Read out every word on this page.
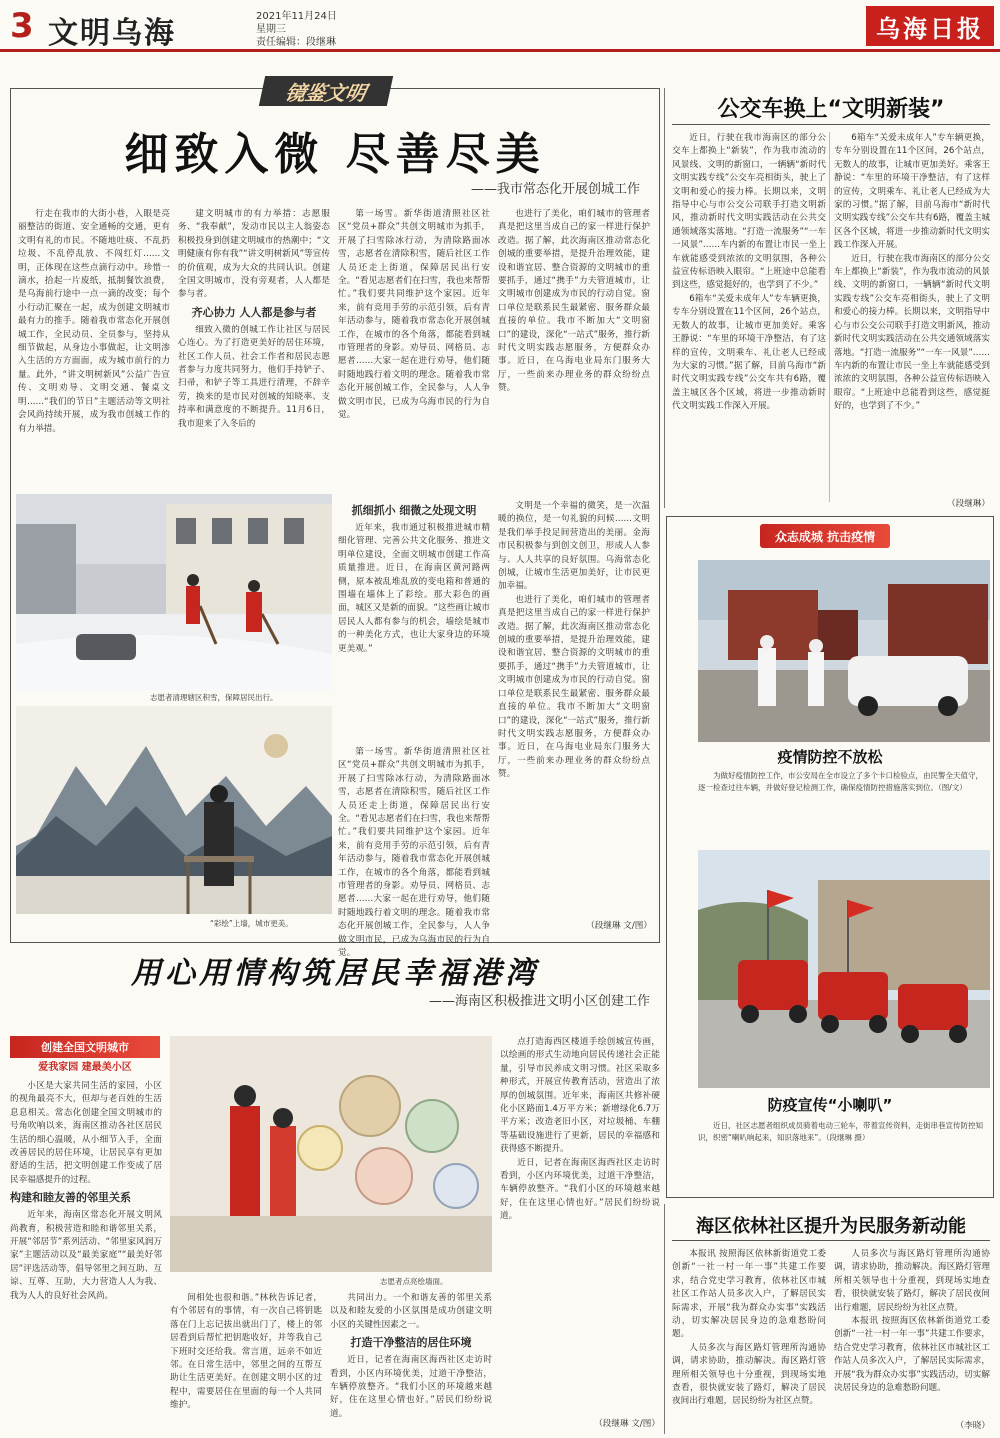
3 文明乌海	2021年11月24日
星期三
责任编辑：段继琳	乌海日报
镜鉴文明
细致入微 尽善尽美
——我市常态化开展创城工作

行走在我市的大街小巷，入眼是亮丽整洁的街道、安全通畅的交通，更有文明有礼的市民。不随地吐痰、不乱扔垃圾、不乱停乱放、不闯红灯……文明，正体现在这些点滴行动中。珍惜一滴水，拾起一片废纸，抵制餐饮浪费，是乌海前行途中一点一滴的改变；每个小行动汇聚在一起，成为创建文明城市最有力的推手。随着我市常态化开展创城工作，全民动员、全员参与，坚持从细节做起，从身边小事做起，让文明渗入生活的方方面面，成为城市前行的力量。此外，“讲文明树新风”公益广告宣传、文明劝导、文明交通、餐桌文明……“我们的节日”主题活动等文明社会风尚持续开展，成为我市创城工作的有力举措。

建文明城市的有力举措：志愿服务、“我奉献”，发动市民以主人翁姿态积极投身到创建文明城市的热潮中；“文明健康有你有我”“讲文明树新风”等宣传的价值观，成为大众的共同认识。创建全国文明城市，没有旁观者，人人都是参与者。

齐心协力 人人都是参与者

细致入微的创城工作让社区与居民心连心。为了打造更美好的居住环境，社区工作人员、社会工作者和居民志愿者参与力度共同努力，他们手持铲子、扫帚，和铲子等工具进行清理，不辞辛劳，换来的是市民对创城的知晓率、支持率和满意度的不断提升。11月6日，我市迎来了入冬后的

第一场雪。新华街道清照社区社区“党员+群众”共创文明城市为抓手，开展了扫雪除冰行动，为清除路面冰雪，志愿者在清除积雪，随后社区工作人员还走上街道，保障居民出行安全。“看见志愿者们在扫雪，我也来帮帮忙。”我们要共同维护这个家园。近年来，前有竞用手劳的示范引领，后有青年活动参与，随着我市常态化开展创城工作，在城市的各个角落，都能看到城市管理者的身影。劝导员、网格员、志愿者……大家一起在进行劝导，他们随时随地践行着文明的理念。随着我市常态化开展创城工作，全民参与，人人争做文明市民，已成为乌海市民的行为自觉。

也进行了美化，咱们城市的管理者真是把这里当成自己的家一样进行保护改造。据了解，此次海南区推动常态化创城的重要举措，是提升治理效能，建设和谐宜居、整合资源的文明城市的重要抓手，通过“携手”力夫管道城市，让文明城市创建成为市民的行动自觉。窗口单位是联系民生最紧密、服务群众最直接的单位。我市不断加大“文明窗口”的建设，深化“一站式”服务，推行新时代文明实践志愿服务，方便群众办事。近日，在乌海电业局东门服务大厅，一些前来办理业务的群众纷纷点赞。

志愿者清理辖区积雪，保障居民出行。
“彩绘”上墙，城市更美。
抓细抓小 细微之处现文明

近年来，我市通过积极推进城市精细化管理、完善公共文化服务、推进文明单位建设，全面文明城市创建工作高质量推进。近日，在海南区黄河路两侧，原本被乱堆乱放的变电箱和普通的围墙在墙体上了彩绘。那大彩色的画面，城区又是新的面貌。“这些画让城市居民人人都有参与的机会，墙绘是城市的一种美化方式，也让大家身边的环境更美观。”

第一场雪。新华街道清照社区社区“党员+群众”共创文明城市为抓手，开展了扫雪除冰行动，为清除路面冰雪，志愿者在清除积雪，随后社区工作人员还走上街道，保障居民出行安全。“看见志愿者们在扫雪，我也来帮帮忙。”我们要共同维护这个家园。近年来，前有竞用手劳的示范引领，后有青年活动参与，随着我市常态化开展创城工作，在城市的各个角落，都能看到城市管理者的身影。劝导员、网格员、志愿者……大家一起在进行劝导，他们随时随地践行着文明的理念。随着我市常态化开展创城工作，全民参与，人人争做文明市民，已成为乌海市民的行为自觉。

文明是一个幸福的微笑，是一次温暖的换位，是一句礼貌的问候……文明是我们举手投足间营造出的美丽。金海市民积极参与到创文创卫，形成人人参与、人人共享的良好氛围。乌海常态化创城，让城市生活更加美好，让市民更加幸福。

也进行了美化，咱们城市的管理者真是把这里当成自己的家一样进行保护改造。据了解，此次海南区推动常态化创城的重要举措，是提升治理效能，建设和谐宜居、整合资源的文明城市的重要抓手，通过“携手”力夫管道城市，让文明城市创建成为市民的行动自觉。窗口单位是联系民生最紧密、服务群众最直接的单位。我市不断加大“文明窗口”的建设，深化“一站式”服务，推行新时代文明实践志愿服务，方便群众办事。近日，在乌海电业局东门服务大厅，一些前来办理业务的群众纷纷点赞。

（段继琳 文/图）
公交车换上“文明新装”

近日，行驶在我市海南区的部分公交车上都换上“新装”，作为我市流动的风景线、文明的新窗口，一辆辆“新时代文明实践专线”公交车亮相街头，驶上了文明和爱心的接力棒。长期以来，文明指导中心与市公交公司联手打造文明新风，推动新时代文明实践活动在公共交通领域落实落地。“打造一流服务”“一车一风景”……车内新的布置让市民一坐上车就能感受到浓浓的文明氛围，各种公益宣传标语映入眼帘。“上班途中总能看到这些，感觉挺好的，也学到了不少。”

6箱车“关爱未成年人”专车辆更换，专车分别设置在11个区间，26个站点，无数人的故事，让城市更加美好。乘客王静说：“车里的环境干净整洁，有了这样的宣传，文明乘车、礼让老人已经成为大家的习惯。”据了解，目前乌海市“新时代文明实践专线”公交车共有6路，覆盖主城区各个区域，将进一步推动新时代文明实践工作深入开展。

6箱车“关爱未成年人”专车辆更换，专车分别设置在11个区间，26个站点，无数人的故事，让城市更加美好。乘客王静说：“车里的环境干净整洁，有了这样的宣传，文明乘车、礼让老人已经成为大家的习惯。”据了解，目前乌海市“新时代文明实践专线”公交车共有6路，覆盖主城区各个区域，将进一步推动新时代文明实践工作深入开展。

近日，行驶在我市海南区的部分公交车上都换上“新装”，作为我市流动的风景线、文明的新窗口，一辆辆“新时代文明实践专线”公交车亮相街头，驶上了文明和爱心的接力棒。长期以来，文明指导中心与市公交公司联手打造文明新风，推动新时代文明实践活动在公共交通领域落实落地。“打造一流服务”“一车一风景”……车内新的布置让市民一坐上车就能感受到浓浓的文明氛围，各种公益宣传标语映入眼帘。“上班途中总能看到这些，感觉挺好的，也学到了不少。”

（段继琳）
众志成城 抗击疫情
疫情防控不放松
为做好疫情防控工作，市公安局在全市设立了多个卡口检验点，由民警全天值守，逐一检查过往车辆，并做好登记检测工作，确保疫情防控措施落实到位。（图/文）
防疫宣传“小喇叭”
近日，社区志愿者组织成员骑着电动三轮车，带着宣传资料，走街串巷宣传防控知识，织密“喇叭响起来，知识落地来”。（段继琳 摄）
海区依林社区提升为民服务新动能

本报讯 按照海区依林新街道党工委创新“一社一村一年一事”共建工作要求，结合党史学习教育，依林社区市城社区工作站人员多次入户，了解居民实际需求，开展“我为群众办实事”实践活动，切实解决居民身边的急难愁盼问题。

人员多次与海区路灯管理所沟通协调，请求协助，推动解决。海区路灯管理所相关领导也十分重视，到现场实地查看，很快就安装了路灯，解决了居民夜间出行难题，居民纷纷为社区点赞。

人员多次与海区路灯管理所沟通协调，请求协助，推动解决。海区路灯管理所相关领导也十分重视，到现场实地查看，很快就安装了路灯，解决了居民夜间出行难题，居民纷纷为社区点赞。

本报讯 按照海区依林新街道党工委创新“一社一村一年一事”共建工作要求，结合党史学习教育，依林社区市城社区工作站人员多次入户，了解居民实际需求，开展“我为群众办实事”实践活动，切实解决居民身边的急难愁盼问题。

（李晓）
用心用情构筑居民幸福港湾
——海南区积极推进文明小区创建工作
创建全国文明城市
爱我家园 建最美小区

小区是大家共同生活的家园，小区的视角最亮不大，但却与老百姓的生活息息相关。常态化创建全国文明城市的号角吹响以来，海南区推动各社区居民生活的细心温暖，从小细节入手，全面改善居民的居住环境，让居民享有更加舒适的生活，把文明创建工作变成了居民幸福感提升的过程。

构建和睦友善的邻里关系

近年来，海南区常态化开展文明风尚教育，积极营造和睦和谐邻里关系，开展“邻居节”系列活动、“邻里家风润万家”主题活动以及“最美家庭”“最美好邻居”评选活动等，倡导邻里之间互助、互谅、互尊、互助，大力营造人人为我、我为人人的良好社会风尚。

志愿者点亮绘墙面。

间相处也很和谐。”林秋告诉记者，有个邻居有的事情，有一次自己将钥匙落在门上忘记拔出就出门了，楼上的邻居看到后帮忙把钥匙收好，并等我自己下班时交还给我。常言道，远亲不如近邻。在日常生活中，邻里之间的互帮互助让生活更美好。在创建文明小区的过程中，需要居住在里面的每一个人共同维护。

共同出力。一个和谐友善的邻里关系以及和睦友爱的小区氛围是成功创建文明小区的关键性因素之一。

打造干净整洁的居住环境

近日，记者在海南区海西社区走访时看到，小区内环境优美，过道干净整洁，车辆停放整齐。“我们小区的环境越来越好，住在这里心情也好。”居民们纷纷说道。

点打造海西区楼道手绘创城宣传画，以绘画的形式生动地向居民传递社会正能量，引导市民养成文明习惯。社区采取多种形式，开展宣传教育活动，营造出了浓厚的创城氛围。近年来，海南区共修补硬化小区路面1.4万平方米；新增绿化6.7万平方米；改造老旧小区，对垃圾桶、车棚等基础设施进行了更新，居民的幸福感和获得感不断提升。

近日，记者在海南区海西社区走访时看到，小区内环境优美，过道干净整洁，车辆停放整齐。“我们小区的环境越来越好，住在这里心情也好。”居民们纷纷说道。

（段继琳 文/图）
